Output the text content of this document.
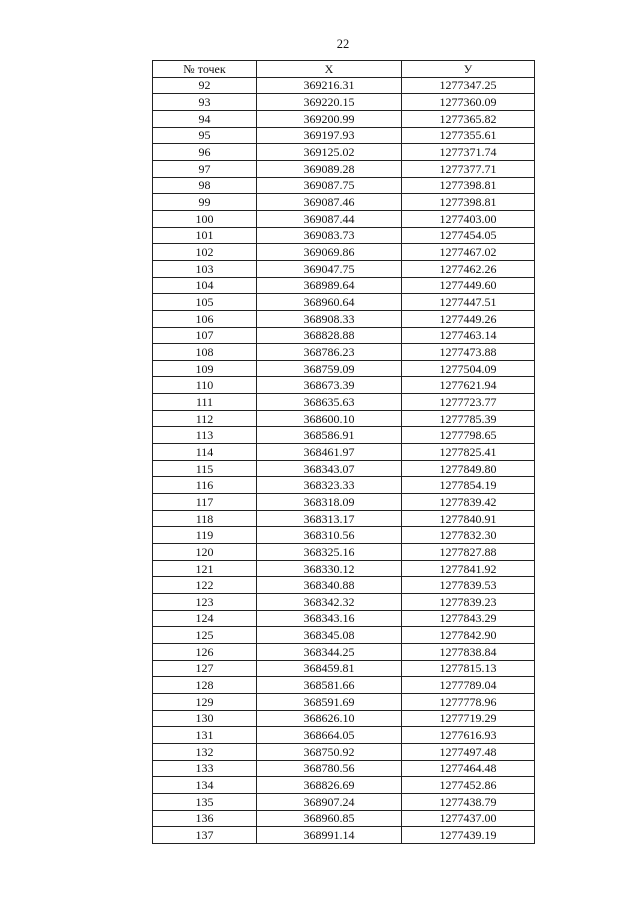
22
№ точек	Х	У
92	369216.31	1277347.25
93	369220.15	1277360.09
94	369200.99	1277365.82
95	369197.93	1277355.61
96	369125.02	1277371.74
97	369089.28	1277377.71
98	369087.75	1277398.81
99	369087.46	1277398.81
100	369087.44	1277403.00
101	369083.73	1277454.05
102	369069.86	1277467.02
103	369047.75	1277462.26
104	368989.64	1277449.60
105	368960.64	1277447.51
106	368908.33	1277449.26
107	368828.88	1277463.14
108	368786.23	1277473.88
109	368759.09	1277504.09
110	368673.39	1277621.94
111	368635.63	1277723.77
112	368600.10	1277785.39
113	368586.91	1277798.65
114	368461.97	1277825.41
115	368343.07	1277849.80
116	368323.33	1277854.19
117	368318.09	1277839.42
118	368313.17	1277840.91
119	368310.56	1277832.30
120	368325.16	1277827.88
121	368330.12	1277841.92
122	368340.88	1277839.53
123	368342.32	1277839.23
124	368343.16	1277843.29
125	368345.08	1277842.90
126	368344.25	1277838.84
127	368459.81	1277815.13
128	368581.66	1277789.04
129	368591.69	1277778.96
130	368626.10	1277719.29
131	368664.05	1277616.93
132	368750.92	1277497.48
133	368780.56	1277464.48
134	368826.69	1277452.86
135	368907.24	1277438.79
136	368960.85	1277437.00
137	368991.14	1277439.19
